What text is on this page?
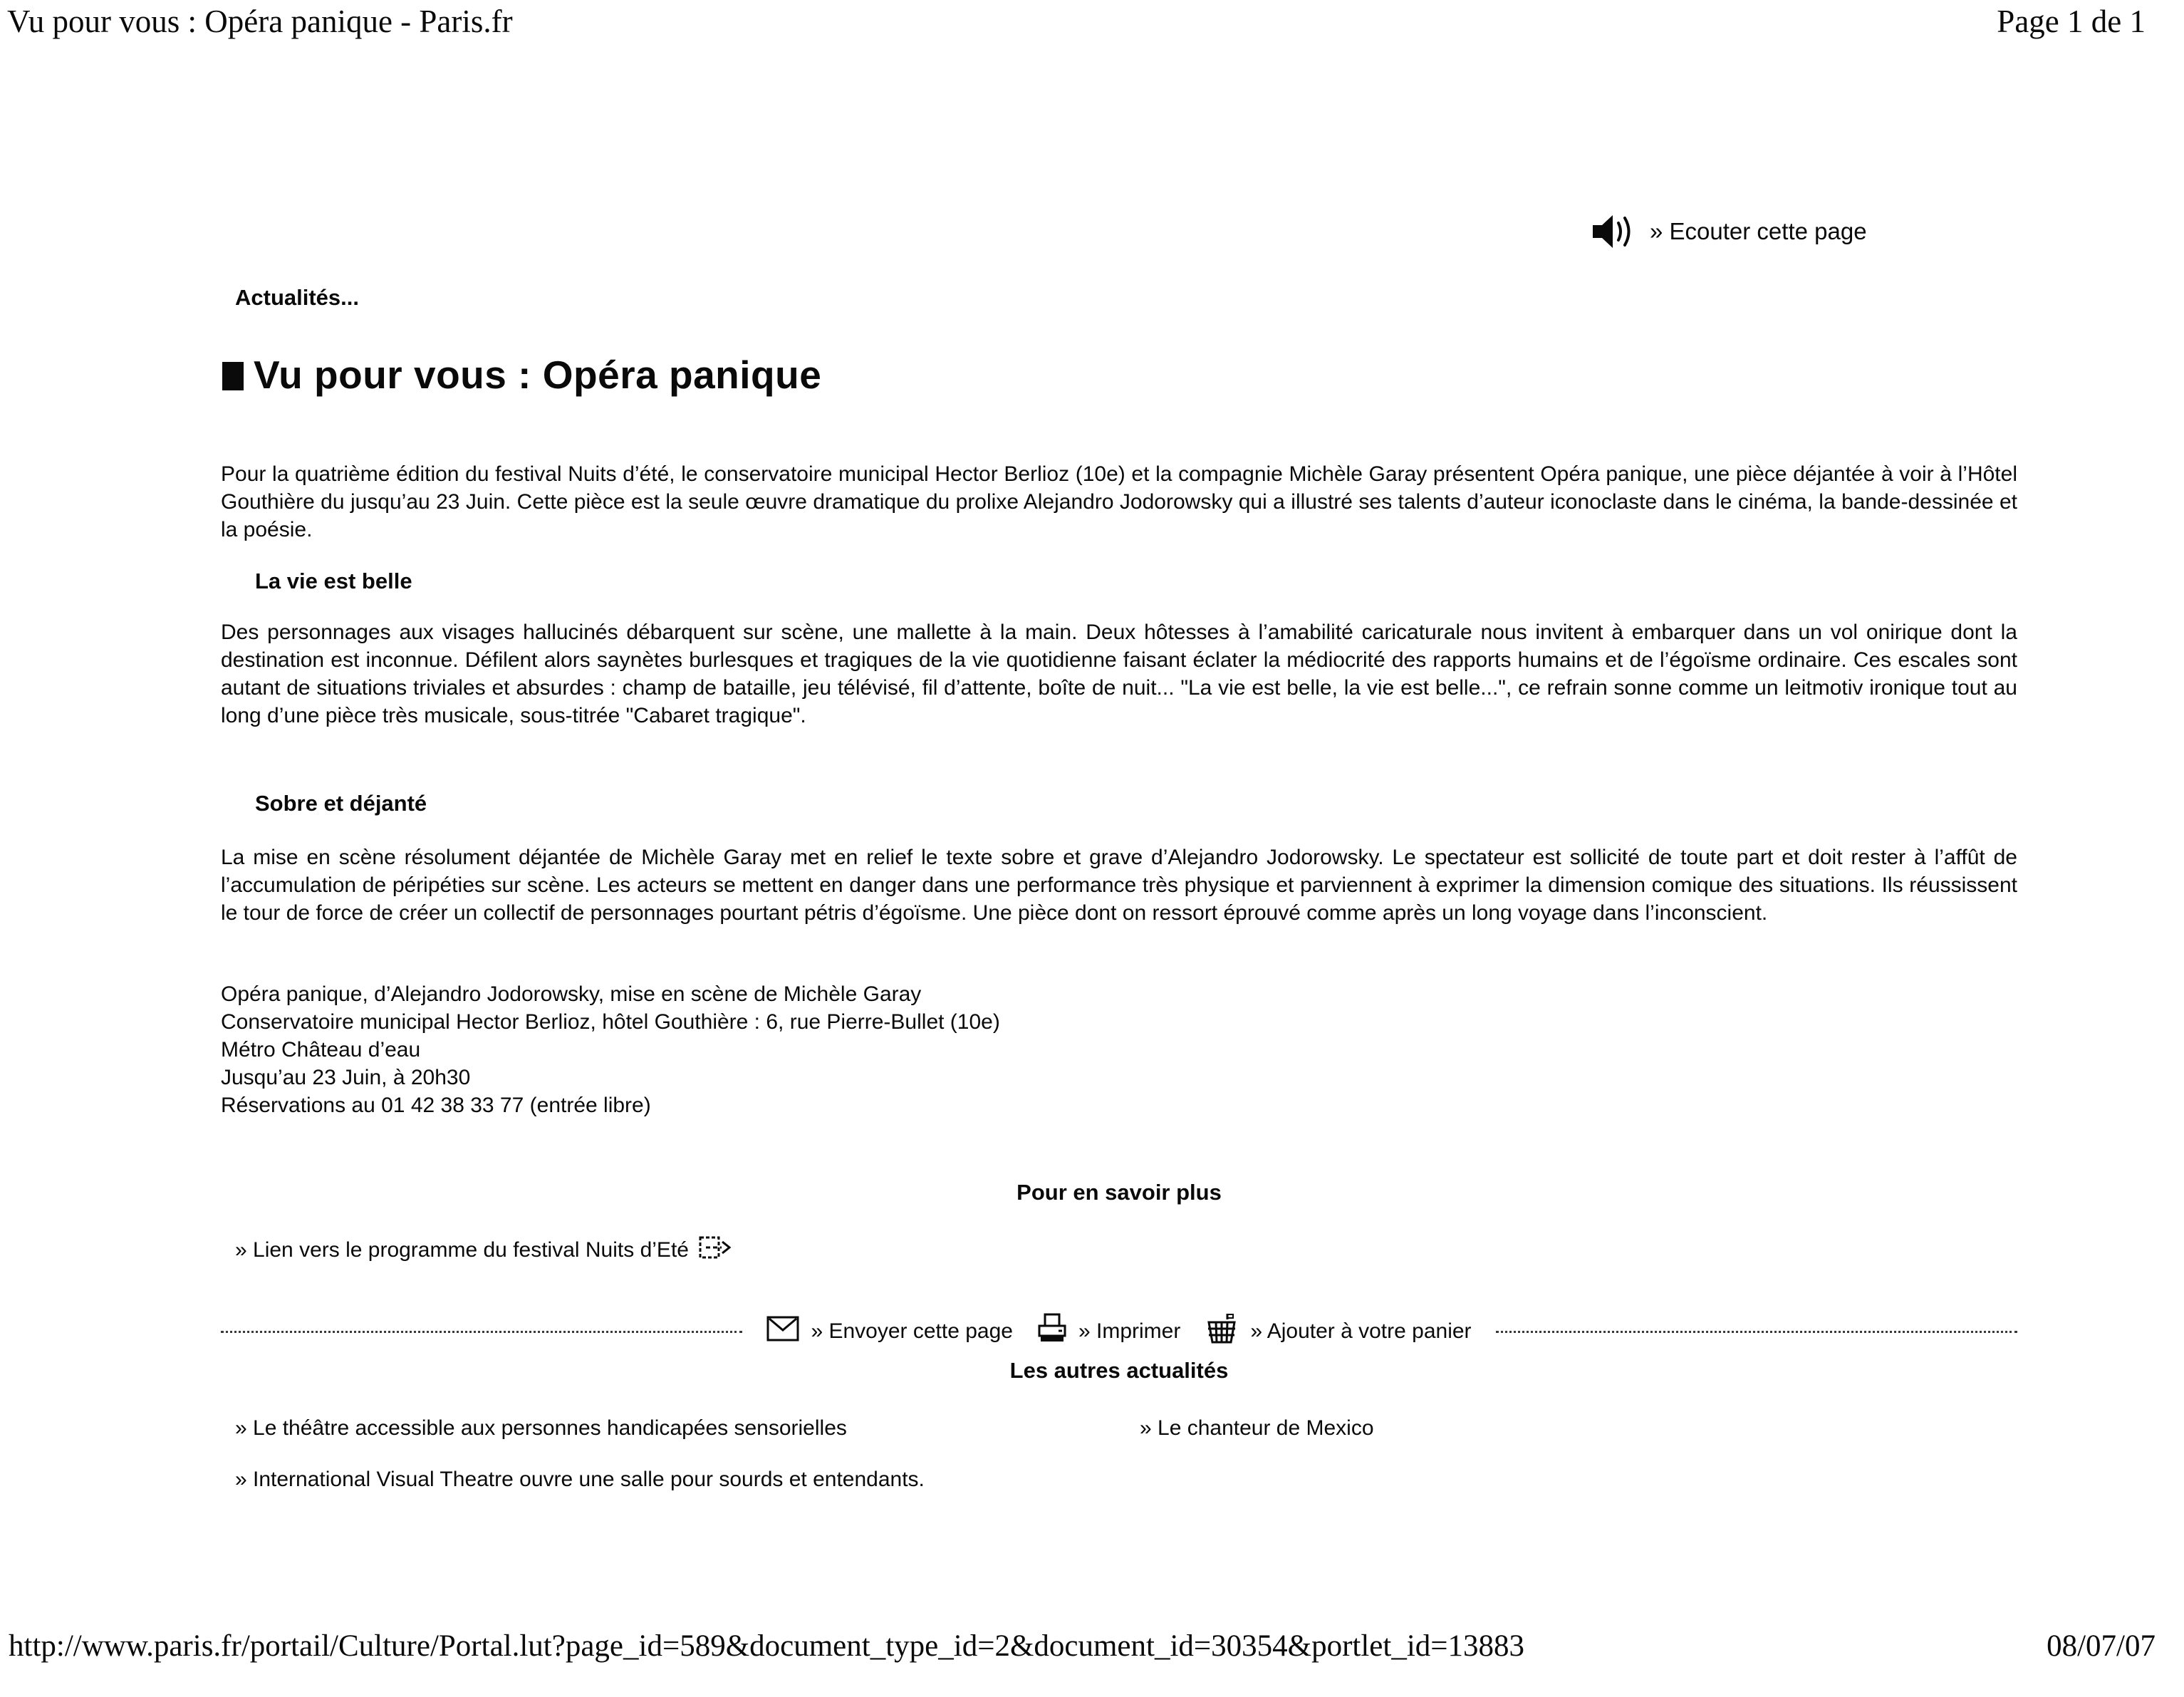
Vu pour vous : Opéra panique - Paris.fr	Page 1 de 1
» Ecouter cette page
Actualités...
Vu pour vous : Opéra panique

Pour la quatrième édition du festival Nuits d’été, le conservatoire municipal Hector Berlioz (10e) et la compagnie Michèle Garay présentent Opéra panique, une pièce déjantée à voir à l’Hôtel Gouthière du jusqu’au 23 Juin. Cette pièce est la seule œuvre dramatique du prolixe Alejandro Jodorowsky qui a illustré ses talents d’auteur iconoclaste dans le cinéma, la bande-dessinée et la poésie.

La vie est belle

Des personnages aux visages hallucinés débarquent sur scène, une mallette à la main. Deux hôtesses à l’amabilité caricaturale nous invitent à embarquer dans un vol onirique dont la destination est inconnue. Défilent alors saynètes burlesques et tragiques de la vie quotidienne faisant éclater la médiocrité des rapports humains et de l’égoïsme ordinaire. Ces escales sont autant de situations triviales et absurdes : champ de bataille, jeu télévisé, fil d’attente, boîte de nuit... "La vie est belle, la vie est belle...", ce refrain sonne comme un leitmotiv ironique tout au long d’une pièce très musicale, sous-titrée "Cabaret tragique".

Sobre et déjanté

La mise en scène résolument déjantée de Michèle Garay met en relief le texte sobre et grave d’Alejandro Jodorowsky. Le spectateur est sollicité de toute part et doit rester à l’affût de l’accumulation de péripéties sur scène. Les acteurs se mettent en danger dans une performance très physique et parviennent à exprimer la dimension comique des situations. Ils réussissent le tour de force de créer un collectif de personnages pourtant pétris d’égoïsme. Une pièce dont on ressort éprouvé comme après un long voyage dans l’inconscient.

Opéra panique, d’Alejandro Jodorowsky, mise en scène de Michèle Garay
Conservatoire municipal Hector Berlioz, hôtel Gouthière : 6, rue Pierre-Bullet (10e)
Métro Château d’eau
Jusqu’au 23 Juin, à 20h30
Réservations au 01 42 38 33 77 (entrée libre)
Pour en savoir plus
» Lien vers le programme du festival Nuits d’Eté
» Envoyer cette page	» Imprimer	» Ajouter à votre panier
Les autres actualités
» Le théâtre accessible aux personnes handicapées sensorielles	» Le chanteur de Mexico
» International Visual Theatre ouvre une salle pour sourds et entendants.
http://www.paris.fr/portail/Culture/Portal.lut?page_id=589&document_type_id=2&document_id=30354&portlet_id=13883	08/07/07
